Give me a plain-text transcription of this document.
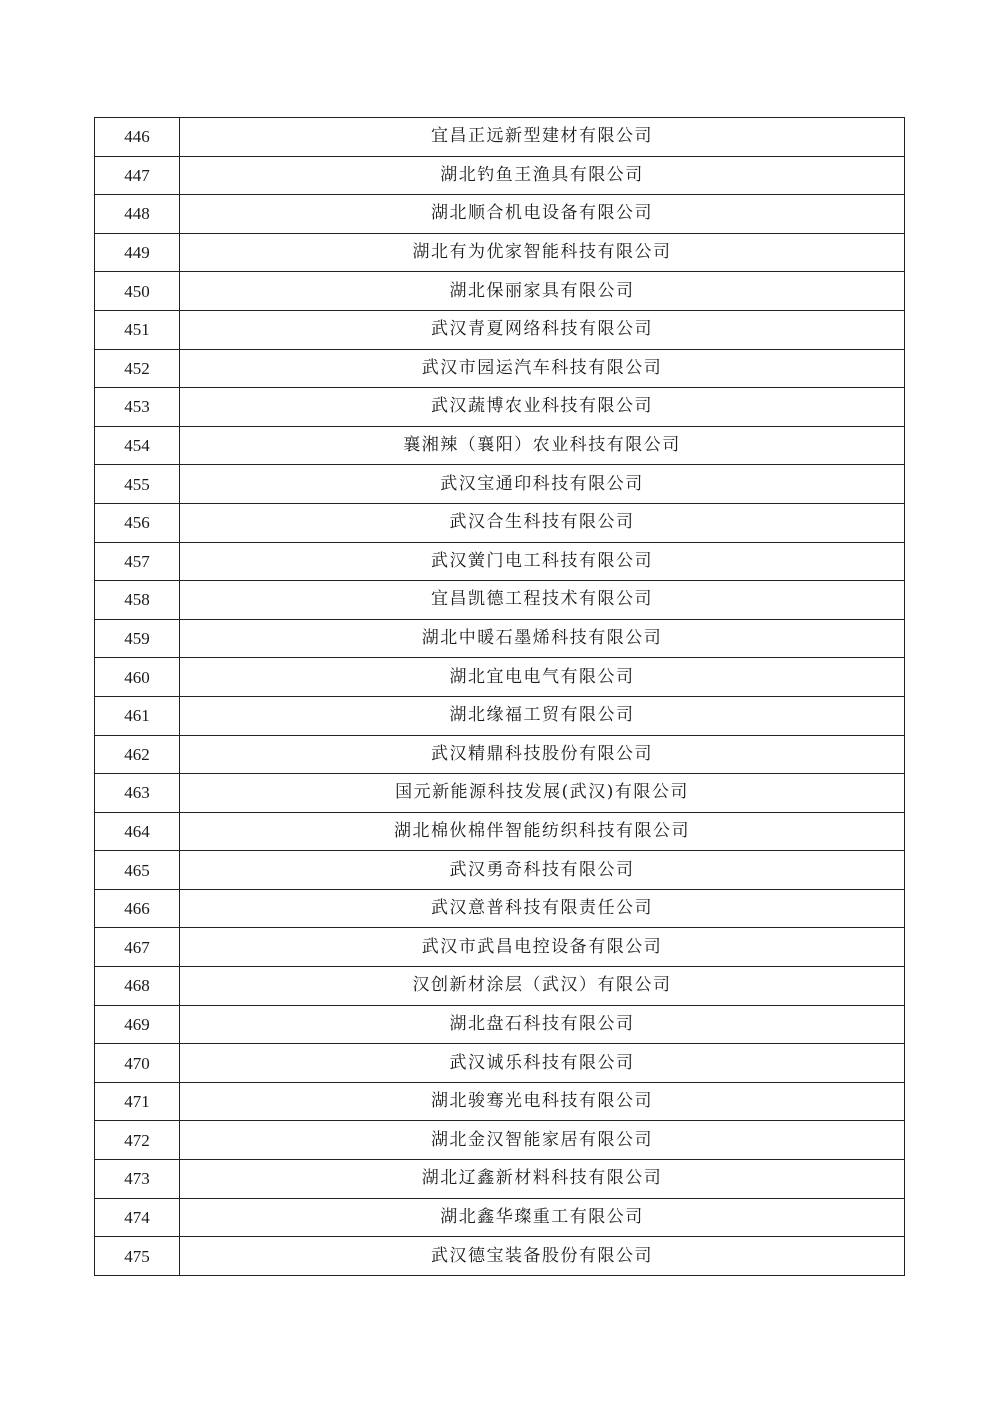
446	宜昌正远新型建材有限公司
447	湖北钓鱼王渔具有限公司
448	湖北顺合机电设备有限公司
449	湖北有为优家智能科技有限公司
450	湖北保丽家具有限公司
451	武汉青夏网络科技有限公司
452	武汉市园运汽车科技有限公司
453	武汉蔬博农业科技有限公司
454	襄湘辣（襄阳）农业科技有限公司
455	武汉宝通印科技有限公司
456	武汉合生科技有限公司
457	武汉黉门电工科技有限公司
458	宜昌凯德工程技术有限公司
459	湖北中暖石墨烯科技有限公司
460	湖北宜电电气有限公司
461	湖北缘福工贸有限公司
462	武汉精鼎科技股份有限公司
463	国元新能源科技发展(武汉)有限公司
464	湖北棉伙棉伴智能纺织科技有限公司
465	武汉勇奇科技有限公司
466	武汉意普科技有限责任公司
467	武汉市武昌电控设备有限公司
468	汉创新材涂层（武汉）有限公司
469	湖北盘石科技有限公司
470	武汉诚乐科技有限公司
471	湖北骏骞光电科技有限公司
472	湖北金汉智能家居有限公司
473	湖北辽鑫新材料科技有限公司
474	湖北鑫华璨重工有限公司
475	武汉德宝装备股份有限公司
